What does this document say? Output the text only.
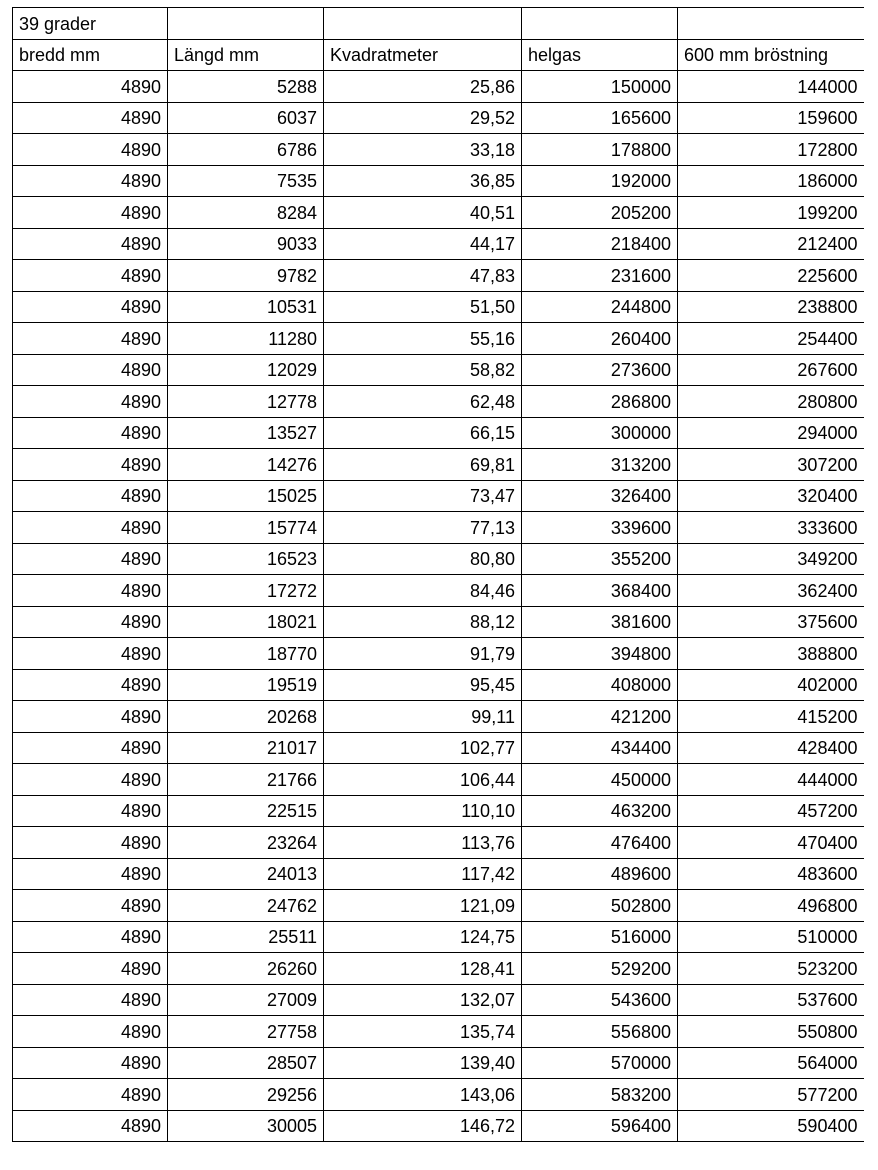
39 grader				
bredd mm	Längd mm	Kvadratmeter	helgas	600 mm bröstning
4890	5288	25,86	150000	144000
4890	6037	29,52	165600	159600
4890	6786	33,18	178800	172800
4890	7535	36,85	192000	186000
4890	8284	40,51	205200	199200
4890	9033	44,17	218400	212400
4890	9782	47,83	231600	225600
4890	10531	51,50	244800	238800
4890	11280	55,16	260400	254400
4890	12029	58,82	273600	267600
4890	12778	62,48	286800	280800
4890	13527	66,15	300000	294000
4890	14276	69,81	313200	307200
4890	15025	73,47	326400	320400
4890	15774	77,13	339600	333600
4890	16523	80,80	355200	349200
4890	17272	84,46	368400	362400
4890	18021	88,12	381600	375600
4890	18770	91,79	394800	388800
4890	19519	95,45	408000	402000
4890	20268	99,11	421200	415200
4890	21017	102,77	434400	428400
4890	21766	106,44	450000	444000
4890	22515	110,10	463200	457200
4890	23264	113,76	476400	470400
4890	24013	117,42	489600	483600
4890	24762	121,09	502800	496800
4890	25511	124,75	516000	510000
4890	26260	128,41	529200	523200
4890	27009	132,07	543600	537600
4890	27758	135,74	556800	550800
4890	28507	139,40	570000	564000
4890	29256	143,06	583200	577200
4890	30005	146,72	596400	590400
